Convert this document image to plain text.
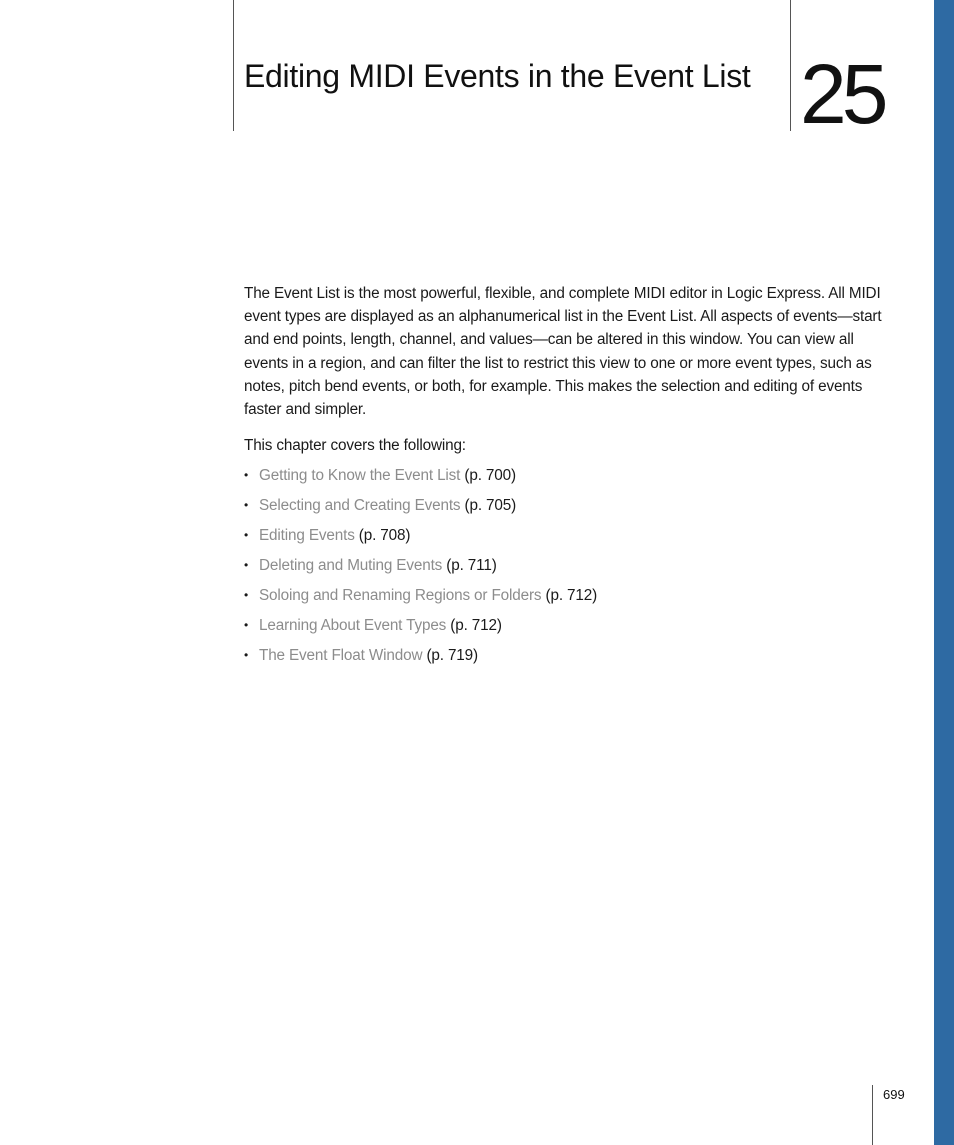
Editing MIDI Events in the Event List 25

The Event List is the most powerful, flexible, and complete MIDI editor in Logic Express. All MIDI event types are displayed as an alphanumerical list in the Event List. All aspects of events—start and end points, length, channel, and values—can be altered in this window. You can view all events in a region, and can filter the list to restrict this view to one or more event types, such as notes, pitch bend events, or both, for example. This makes the selection and editing of events faster and simpler.

This chapter covers the following:

• Getting to Know the Event List (p. 700)
• Selecting and Creating Events (p. 705)
• Editing Events (p. 708)
• Deleting and Muting Events (p. 711)
• Soloing and Renaming Regions or Folders (p. 712)
• Learning About Event Types (p. 712)
• The Event Float Window (p. 719)
699
